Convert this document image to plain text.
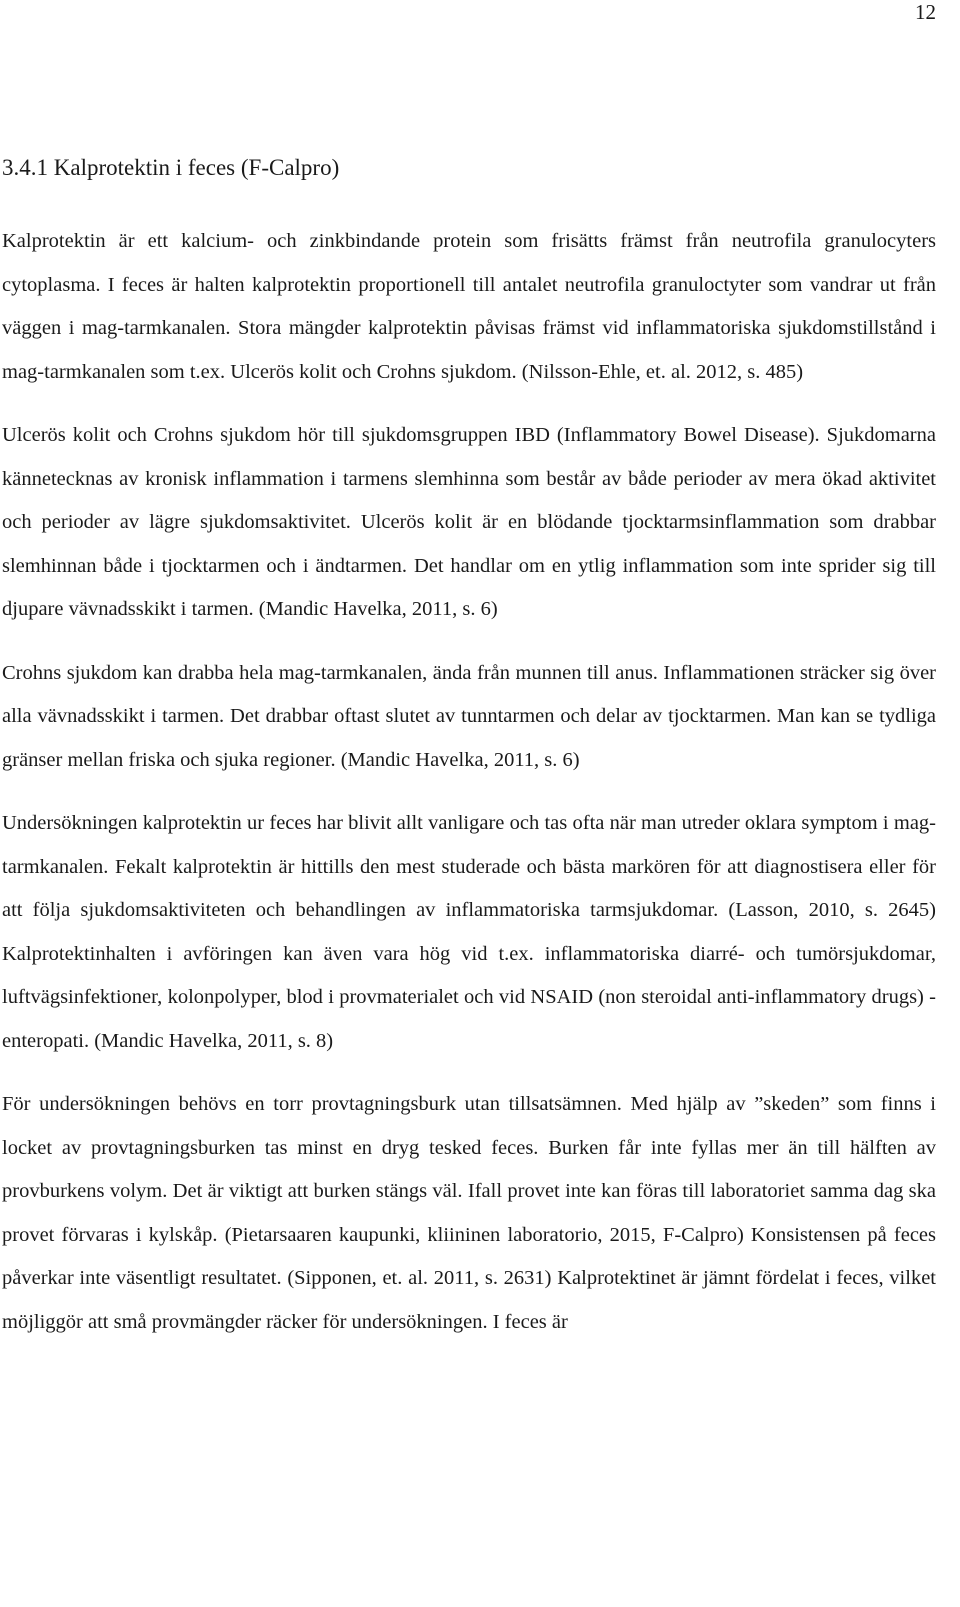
12
3.4.1 Kalprotektin i feces (F-Calpro)

Kalprotektin är ett kalcium- och zinkbindande protein som frisätts främst från neutrofila granulocyters cytoplasma. I feces är halten kalprotektin proportionell till antalet neutrofila granuloctyter som vandrar ut från väggen i mag-tarmkanalen. Stora mängder kalprotektin påvisas främst vid inflammatoriska sjukdomstillstånd i mag-tarmkanalen som t.ex. Ulcerös kolit och Crohns sjukdom. (Nilsson-Ehle, et. al. 2012, s. 485)

Ulcerös kolit och Crohns sjukdom hör till sjukdomsgruppen IBD (Inflammatory Bowel Disease). Sjukdomarna kännetecknas av kronisk inflammation i tarmens slemhinna som består av både perioder av mera ökad aktivitet och perioder av lägre sjukdomsaktivitet. Ulcerös kolit är en blödande tjocktarmsinflammation som drabbar slemhinnan både i tjocktarmen och i ändtarmen. Det handlar om en ytlig inflammation som inte sprider sig till djupare vävnadsskikt i tarmen. (Mandic Havelka, 2011, s. 6)

Crohns sjukdom kan drabba hela mag-tarmkanalen, ända från munnen till anus. Inflammationen sträcker sig över alla vävnadsskikt i tarmen. Det drabbar oftast slutet av tunntarmen och delar av tjocktarmen. Man kan se tydliga gränser mellan friska och sjuka regioner. (Mandic Havelka, 2011, s. 6)

Undersökningen kalprotektin ur feces har blivit allt vanligare och tas ofta när man utreder oklara symptom i mag-tarmkanalen. Fekalt kalprotektin är hittills den mest studerade och bästa markören för att diagnostisera eller för att följa sjukdomsaktiviteten och behandlingen av inflammatoriska tarmsjukdomar. (Lasson, 2010, s. 2645) Kalprotektinhalten i avföringen kan även vara hög vid t.ex. inflammatoriska diarré- och tumörsjukdomar, luftvägsinfektioner, kolonpolyper, blod i provmaterialet och vid NSAID (non steroidal anti-inflammatory drugs) -enteropati. (Mandic Havelka, 2011, s. 8)

För undersökningen behövs en torr provtagningsburk utan tillsatsämnen. Med hjälp av ”skeden” som finns i locket av provtagningsburken tas minst en dryg tesked feces. Burken får inte fyllas mer än till hälften av provburkens volym. Det är viktigt att burken stängs väl. Ifall provet inte kan föras till laboratoriet samma dag ska provet förvaras i kylskåp. (Pietarsaaren kaupunki, kliininen laboratorio, 2015, F-Calpro) Konsistensen på feces påverkar inte väsentligt resultatet. (Sipponen, et. al. 2011, s. 2631) Kalprotektinet är jämnt fördelat i feces, vilket möjliggör att små provmängder räcker för undersökningen. I feces är
